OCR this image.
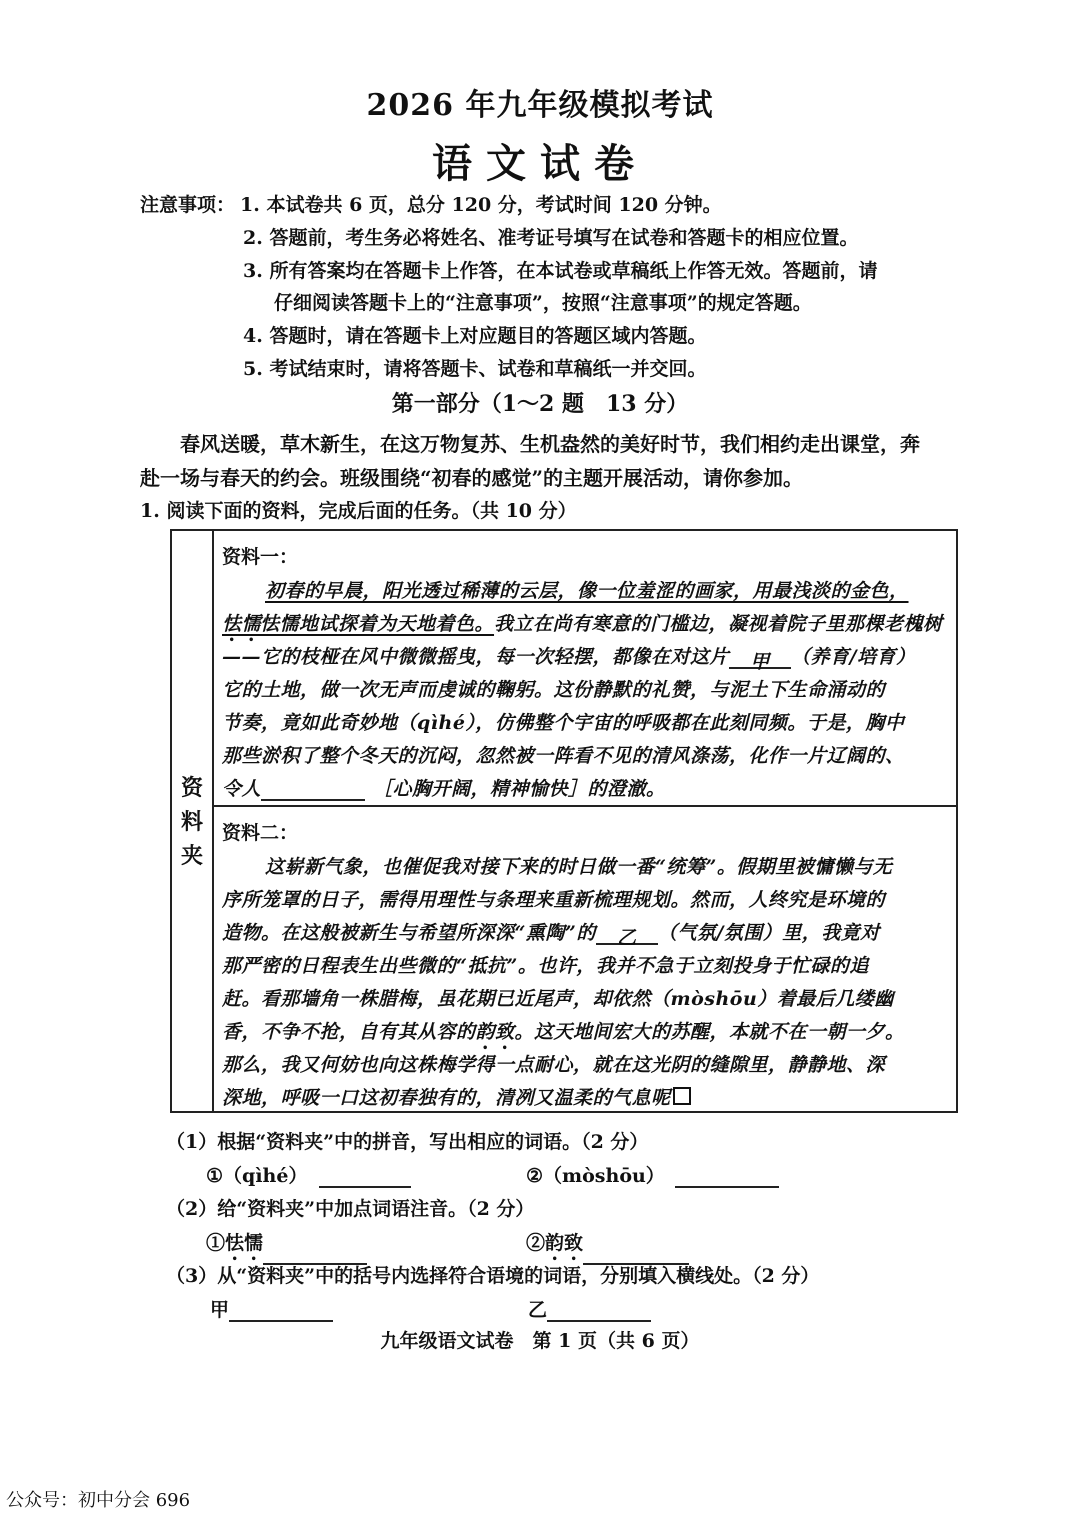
2026 年九年级模拟考试
语文试卷
注意事项： 1. 本试卷共 6 页，总分 120 分，考试时间 120 分钟。
2. 答题前，考生务必将姓名、准考证号填写在试卷和答题卡的相应位置。
3. 所有答案均在答题卡上作答，在本试卷或草稿纸上作答无效。答题前，请
仔细阅读答题卡上的“注意事项”，按照“注意事项”的规定答题。
4. 答题时，请在答题卡上对应题目的答题区域内答题。
5. 考试结束时，请将答题卡、试卷和草稿纸一并交回。
第一部分（1～2 题　13 分）
春风送暖，草木新生，在这万物复苏、生机盎然的美好时节，我们相约走出课堂，奔
赴一场与春天的约会。班级围绕“初春的感觉”的主题开展活动，请你参加。
1. 阅读下面的资料，完成后面的任务。（共 10 分）
资
料
夹
资料一：
初春的早晨，阳光透过稀薄的云层，像一位羞涩的画家，用最浅淡的金色，
怯懦怯懦地试探着为天地着色。我立在尚有寒意的门槛边，凝视着院子里那棵老槐树
——它的枝桠在风中微微摇曳，每一次轻摆，都像在对这片 甲 （养育/培育）
它的土地，做一次无声而虔诚的鞠躬。这份静默的礼赞，与泥土下生命涌动的
节奏，竟如此奇妙地（qìhé），仿佛整个宇宙的呼吸都在此刻同频。于是，胸中
那些淤积了整个冬天的沉闷，忽然被一阵看不见的清风涤荡，化作一片辽阔的、
令人	［心胸开阔，精神愉快］的澄澈。
资料二：
这崭新气象，也催促我对接下来的时日做一番“统筹”。假期里被慵懒与无
序所笼罩的日子，需得用理性与条理来重新梳理规划。然而，人终究是环境的
造物。在这般被新生与希望所深深“熏陶”的 乙 （气氛/氛围）里，我竟对
那严密的日程表生出些微的“抵抗”。也许，我并不急于立刻投身于忙碌的追
赶。看那墙角一株腊梅，虽花期已近尾声，却依然（mòshōu）着最后几缕幽
香，不争不抢，自有其从容的韵致。这天地间宏大的苏醒，本就不在一朝一夕。
那么，我又何妨也向这株梅学得一点耐心，就在这光阴的缝隙里，静静地、深
深地，呼吸一口这初春独有的，清冽又温柔的气息呢
（1）根据“资料夹”中的拼音，写出相应的词语。（2 分）
①（qìhé）	②（mòshōu）
（2）给“资料夹”中加点词语注音。（2 分）
①怯懦	②韵致
（3）从“资料夹”中的括号内选择符合语境的词语，分别填入横线处。（2 分）
甲	乙
九年级语文试卷　第 1 页（共 6 页）
公众号：初中分会 696
